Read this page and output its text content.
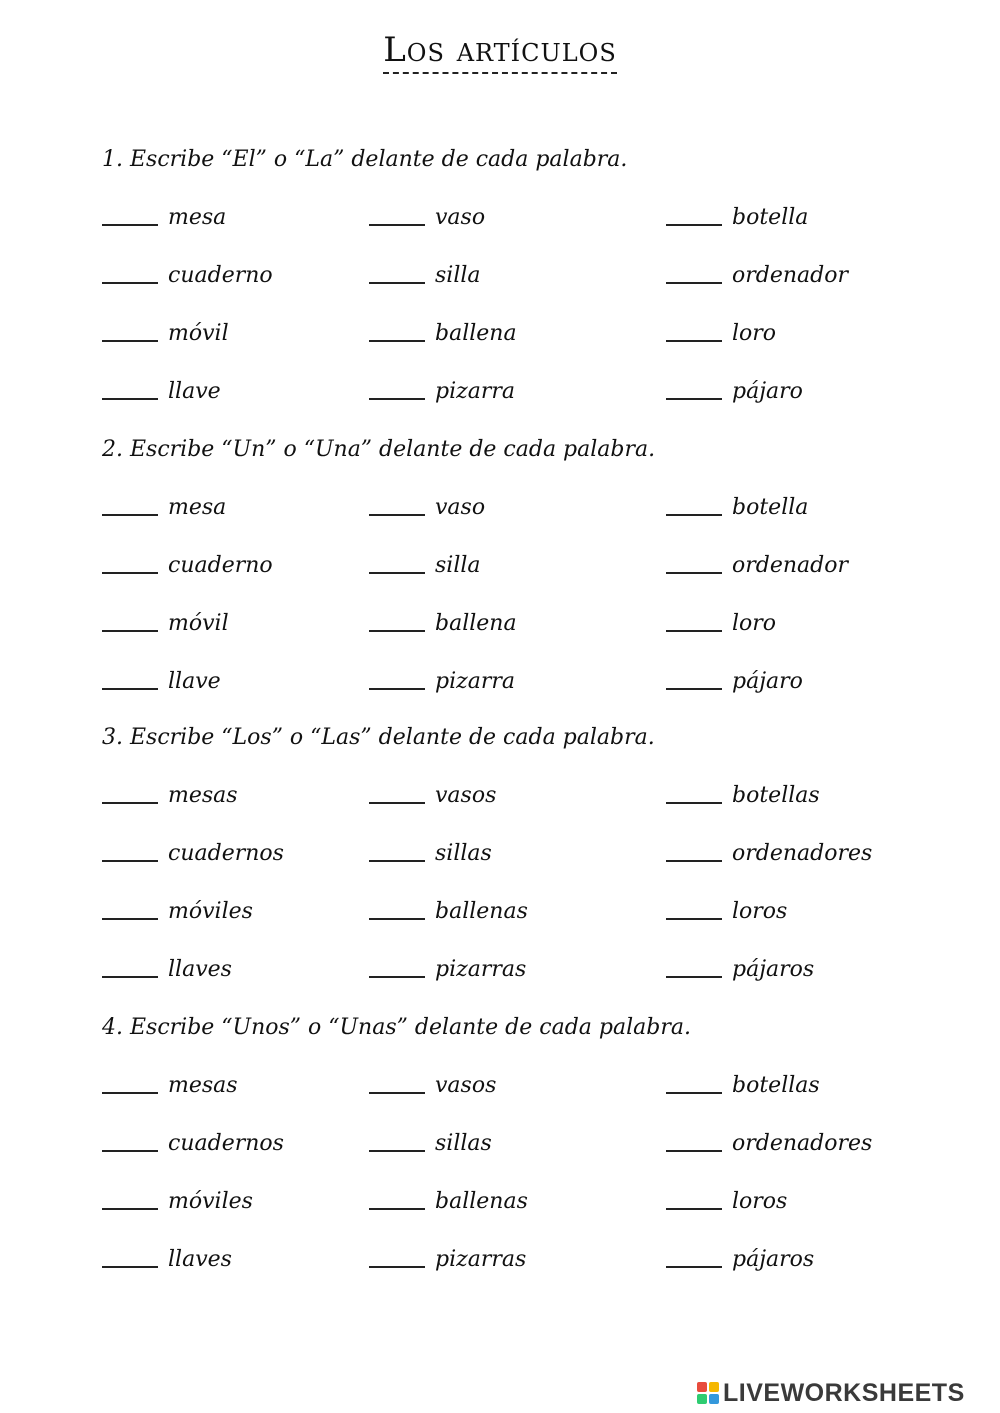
Los artículos

1. Escribe “El” o “La” delante de cada palabra.

mesa	vaso	botella
cuaderno	silla	ordenador
móvil	ballena	loro
llave	pizarra	pájaro

2. Escribe “Un” o “Una” delante de cada palabra.

mesa	vaso	botella
cuaderno	silla	ordenador
móvil	ballena	loro
llave	pizarra	pájaro

3. Escribe “Los” o “Las” delante de cada palabra.

mesas	vasos	botellas
cuadernos	sillas	ordenadores
móviles	ballenas	loros
llaves	pizarras	pájaros

4. Escribe “Unos” o “Unas” delante de cada palabra.

mesas	vasos	botellas
cuadernos	sillas	ordenadores
móviles	ballenas	loros
llaves	pizarras	pájaros
LIVEWORKSHEETS
